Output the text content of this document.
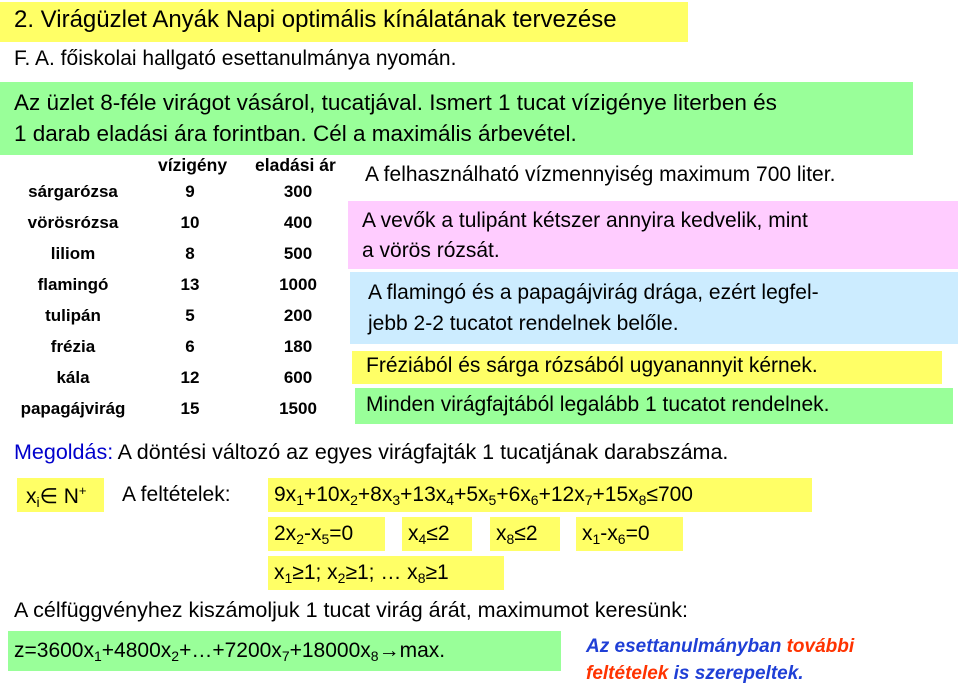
2. Virágüzlet Anyák Napi optimális kínálatának tervezése
F. A. főiskolai hallgató esettanulmánya nyomán.
Az üzlet 8-féle virágot vásárol, tucatjával. Ismert 1 tucat vízigénye literben és
1 darab eladási ára forintban. Cél a maximális árbevétel.
vízigény eladási ár
sárgarózsa	9	300
vörösrózsa	10	400
liliom	8	500
flamingó	13	1000
tulipán	5	200
frézia	6	180
kála	12	600
papagájvirág	15	1500
A felhasználható vízmennyiség maximum 700 liter.
A vevők a tulipánt kétszer annyira kedvelik, mint
a vörös rózsát.
A flamingó és a papagájvirág drága, ezért legfel-
jebb 2-2 tucatot rendelnek belőle.
Fréziából és sárga rózsából ugyanannyit kérnek.
Minden virágfajtából legalább 1 tucatot rendelnek.
Megoldás: A döntési változó az egyes virágfajták 1 tucatjának darabszáma.
$x_i\in$ N+ A feltételek: $9x_1+10x_2+8x_3+13x_4+5x_5+6x_6+12x_7+15x_8\le 700$
$2x_2-x_5=0$	$x_4\le 2$	$x_8\le 2$	$x_1-x_6=0$
$x_1\ge 1$; $x_2\ge 1$; … $x_8\ge 1$
A célfüggvényhez kiszámoljuk 1 tucat virág árát, maximumot keresünk:
$z=3600x_1+4800x_2+\dots+7200x_7+18000x_8\to\max$.	Az esettanulmányban további
feltételek is szerepeltek.
